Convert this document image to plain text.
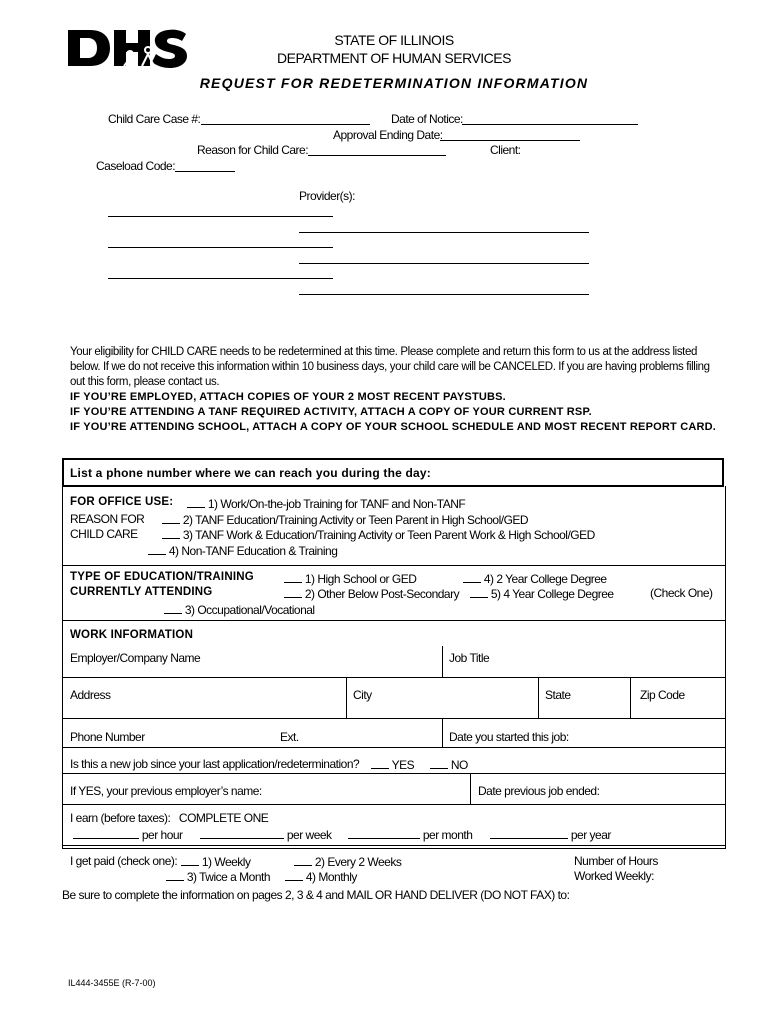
STATE OF ILLINOIS
DEPARTMENT OF HUMAN SERVICES
REQUEST FOR REDETERMINATION INFORMATION
Child Care Case #:	Date of Notice:
Approval Ending Date:
Reason for Child Care:	Client:
Caseload Code:
Provider(s):
Your eligibility for CHILD CARE needs to be redetermined at this time. Please complete and return this form to us at the address listed below. If we do not receive this information within 10 business days, your child care will be CANCELED. If you are having problems filling out this form, please contact us.
IF YOU’RE EMPLOYED, ATTACH COPIES OF YOUR 2 MOST RECENT PAYSTUBS.
IF YOU’RE ATTENDING A TANF REQUIRED ACTIVITY, ATTACH A COPY OF YOUR CURRENT RSP.
IF YOU’RE ATTENDING SCHOOL, ATTACH A COPY OF YOUR SCHOOL SCHEDULE AND MOST RECENT REPORT CARD.
List a phone number where we can reach you during the day:
FOR OFFICE USE:
REASON FOR
CHILD CARE
1) Work/On-the-job Training for TANF and Non-TANF
2) TANF Education/Training Activity or Teen Parent in High School/GED
3) TANF Work & Education/Training Activity or Teen Parent Work & High School/GED
4) Non-TANF Education & Training
TYPE OF EDUCATION/TRAINING
CURRENTLY ATTENDING
1) High School or GED
2) Other Below Post-Secondary
3) Occupational/Vocational
4) 2 Year College Degree
5) 4 Year College Degree	(Check One)
WORK INFORMATION
Employer/Company Name	Job Title
Address	City	State	Zip Code
Phone Number	Ext.	Date you started this job:
Is this a new job since your last application/redetermination?	YES	NO
If YES, your previous employer’s name:	Date previous job ended:
I earn (before taxes): COMPLETE ONE
per hour	per week	per month	per year
I get paid (check one):	1) Weekly	2) Every 2 Weeks
3) Twice a Month	4) Monthly
Number of Hours
Worked Weekly:
Be sure to complete the information on pages 2, 3 & 4 and MAIL OR HAND DELIVER (DO NOT FAX) to:
IL444-3455E (R-7-00)
